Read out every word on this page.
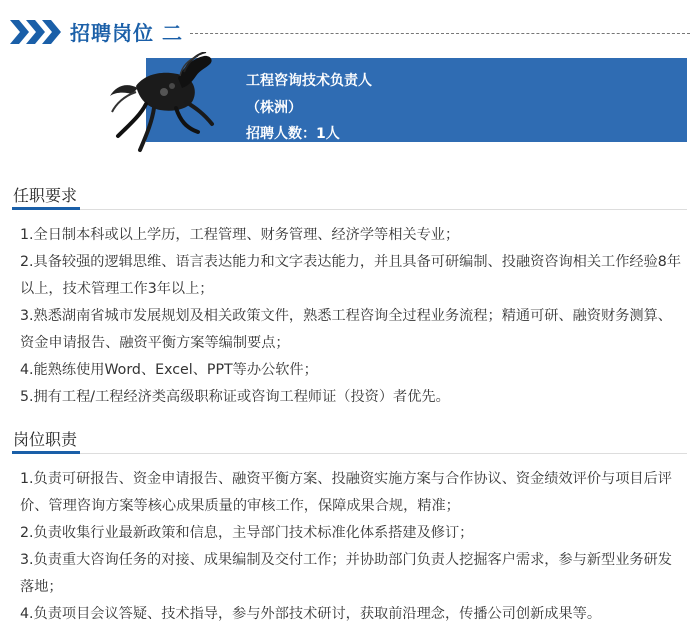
招聘岗位 二
工程咨询技术负责人
（株洲）
招聘人数：1人
任职要求

1.全日制本科或以上学历，工程管理、财务管理、经济学等相关专业；

2.具备较强的逻辑思维、语言表达能力和文字表达能力，并且具备可研编制、投融资咨询相关工作经验8年以上，技术管理工作3年以上；

3.熟悉湖南省城市发展规划及相关政策文件，熟悉工程咨询全过程业务流程；精通可研、融资财务测算、资金申请报告、融资平衡方案等编制要点；

4.能熟练使用Word、Excel、PPT等办公软件；

5.拥有工程/工程经济类高级职称证或咨询工程师证（投资）者优先。

岗位职责

1.负责可研报告、资金申请报告、融资平衡方案、投融资实施方案与合作协议、资金绩效评价与项目后评价、管理咨询方案等核心成果质量的审核工作，保障成果合规，精准；

2.负责收集行业最新政策和信息，主导部门技术标准化体系搭建及修订；

3.负责重大咨询任务的对接、成果编制及交付工作；并协助部门负责人挖掘客户需求，参与新型业务研发落地；

4.负责项目会议答疑、技术指导，参与外部技术研讨，获取前沿理念，传播公司创新成果等。
